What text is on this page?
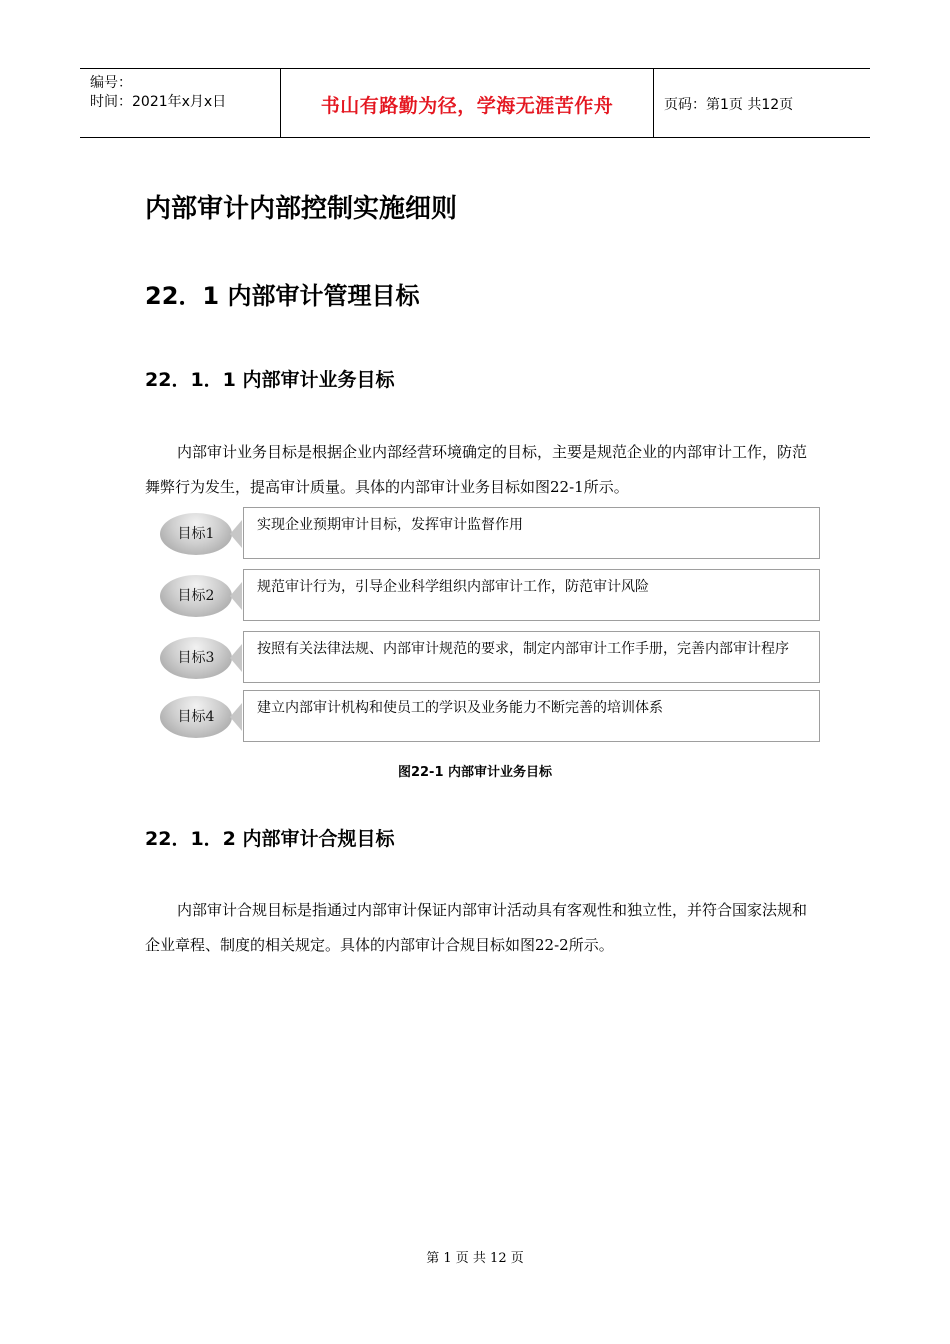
编号：
时间：2021年x月x日	书山有路勤为径，学海无涯苦作舟	页码：第1页 共12页
内部审计内部控制实施细则
22．1 内部审计管理目标
22．1．1 内部审计业务目标
内部审计业务目标是根据企业内部经营环境确定的目标，主要是规范企业的内部审计工作，防范舞弊行为发生，提高审计质量。具体的内部审计业务目标如图22-1所示。
目标1
实现企业预期审计目标，发挥审计监督作用
目标2
规范审计行为，引导企业科学组织内部审计工作，防范审计风险
目标3
按照有关法律法规、内部审计规范的要求，制定内部审计工作手册，完善内部审计程序
目标4
建立内部审计机构和使员工的学识及业务能力不断完善的培训体系
图22-1 内部审计业务目标
22．1．2 内部审计合规目标
内部审计合规目标是指通过内部审计保证内部审计活动具有客观性和独立性，并符合国家法规和企业章程、制度的相关规定。具体的内部审计合规目标如图22-2所示。
第 1 页 共 12 页
